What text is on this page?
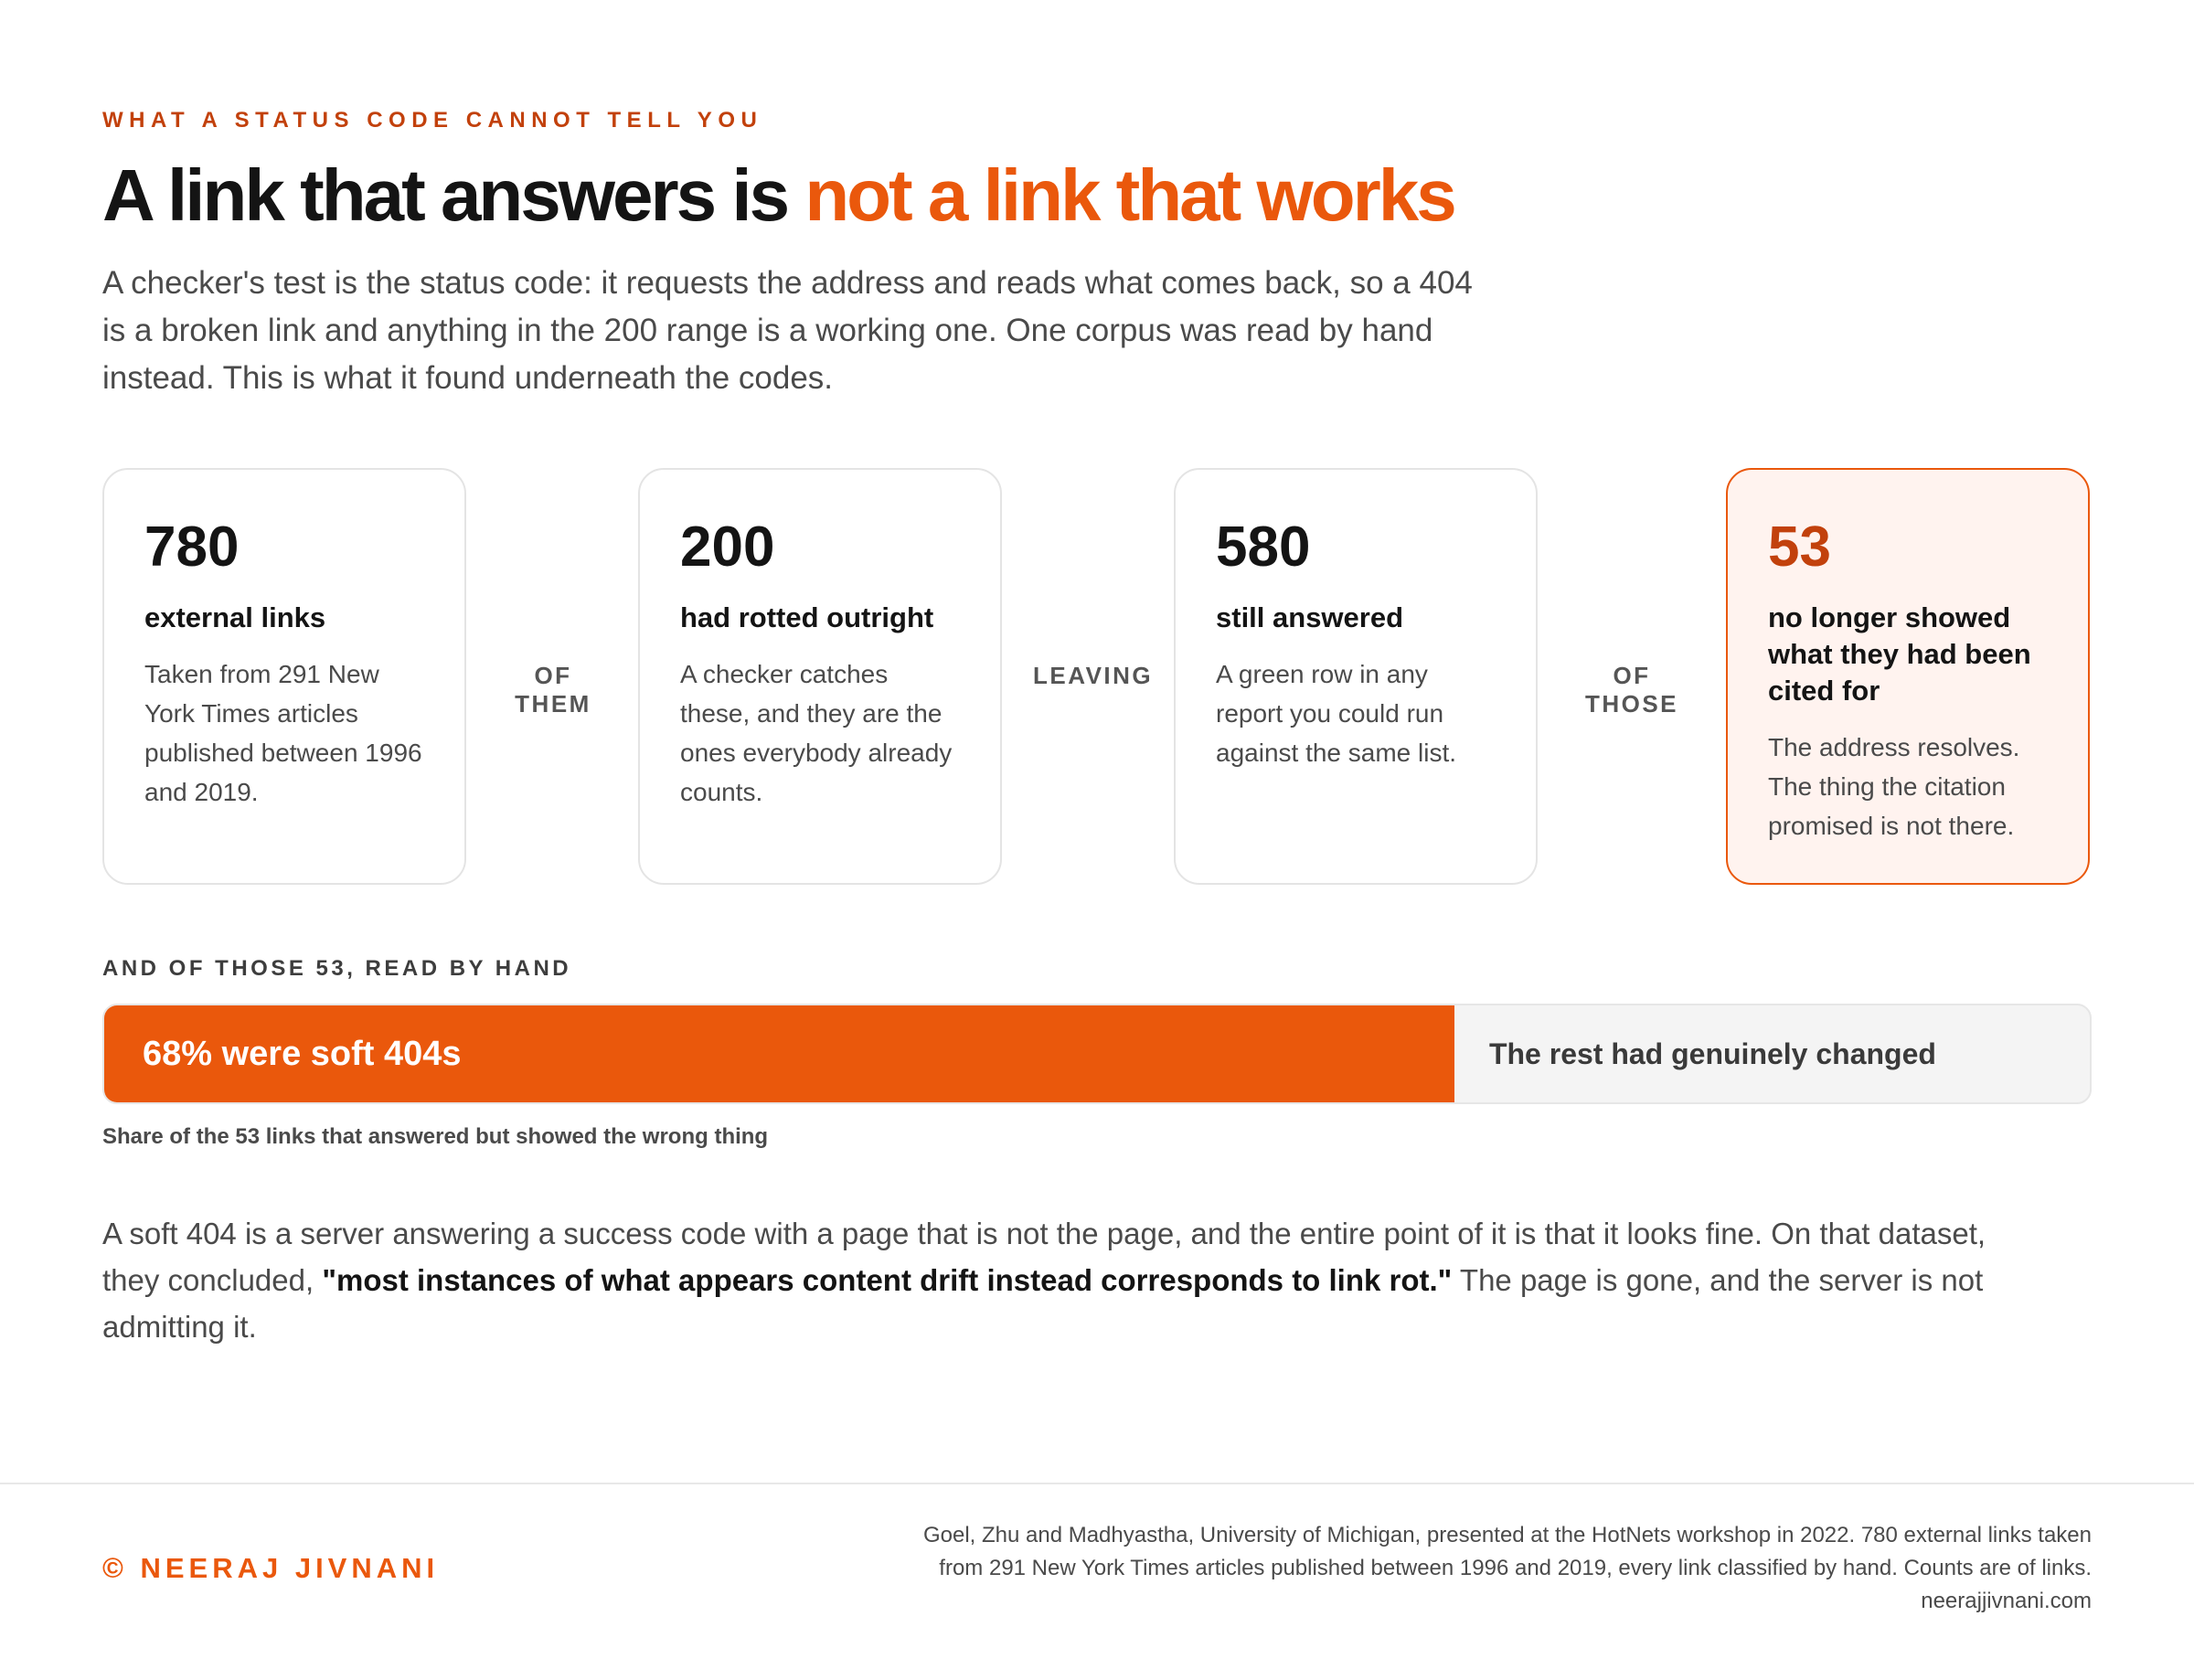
WHAT A STATUS CODE CANNOT TELL YOU
A link that answers is not a link that works
A checker's test is the status code: it requests the address and reads what comes back, so a 404 is a broken link and anything in the 200 range is a working one. One corpus was read by hand instead. This is what it found underneath the codes.
780
external links
Taken from 291 New York Times articles published between 1996 and 2019.
OF THEM
200
had rotted outright
A checker catches these, and they are the ones everybody already counts.
LEAVING
580
still answered
A green row in any report you could run against the same list.
OF THOSE
53
no longer showed what they had been cited for
The address resolves. The thing the citation promised is not there.
AND OF THOSE 53, READ BY HAND
68% were soft 404s	The rest had genuinely changed
Share of the 53 links that answered but showed the wrong thing
A soft 404 is a server answering a success code with a page that is not the page, and the entire point of it is that it looks fine. On that dataset, they concluded, "most instances of what appears content drift instead corresponds to link rot." The page is gone, and the server is not admitting it.
© NEERAJ JIVNANI
Goel, Zhu and Madhyastha, University of Michigan, presented at the HotNets workshop in 2022. 780 external links taken
from 291 New York Times articles published between 1996 and 2019, every link classified by hand. Counts are of links.
neerajjivnani.com
